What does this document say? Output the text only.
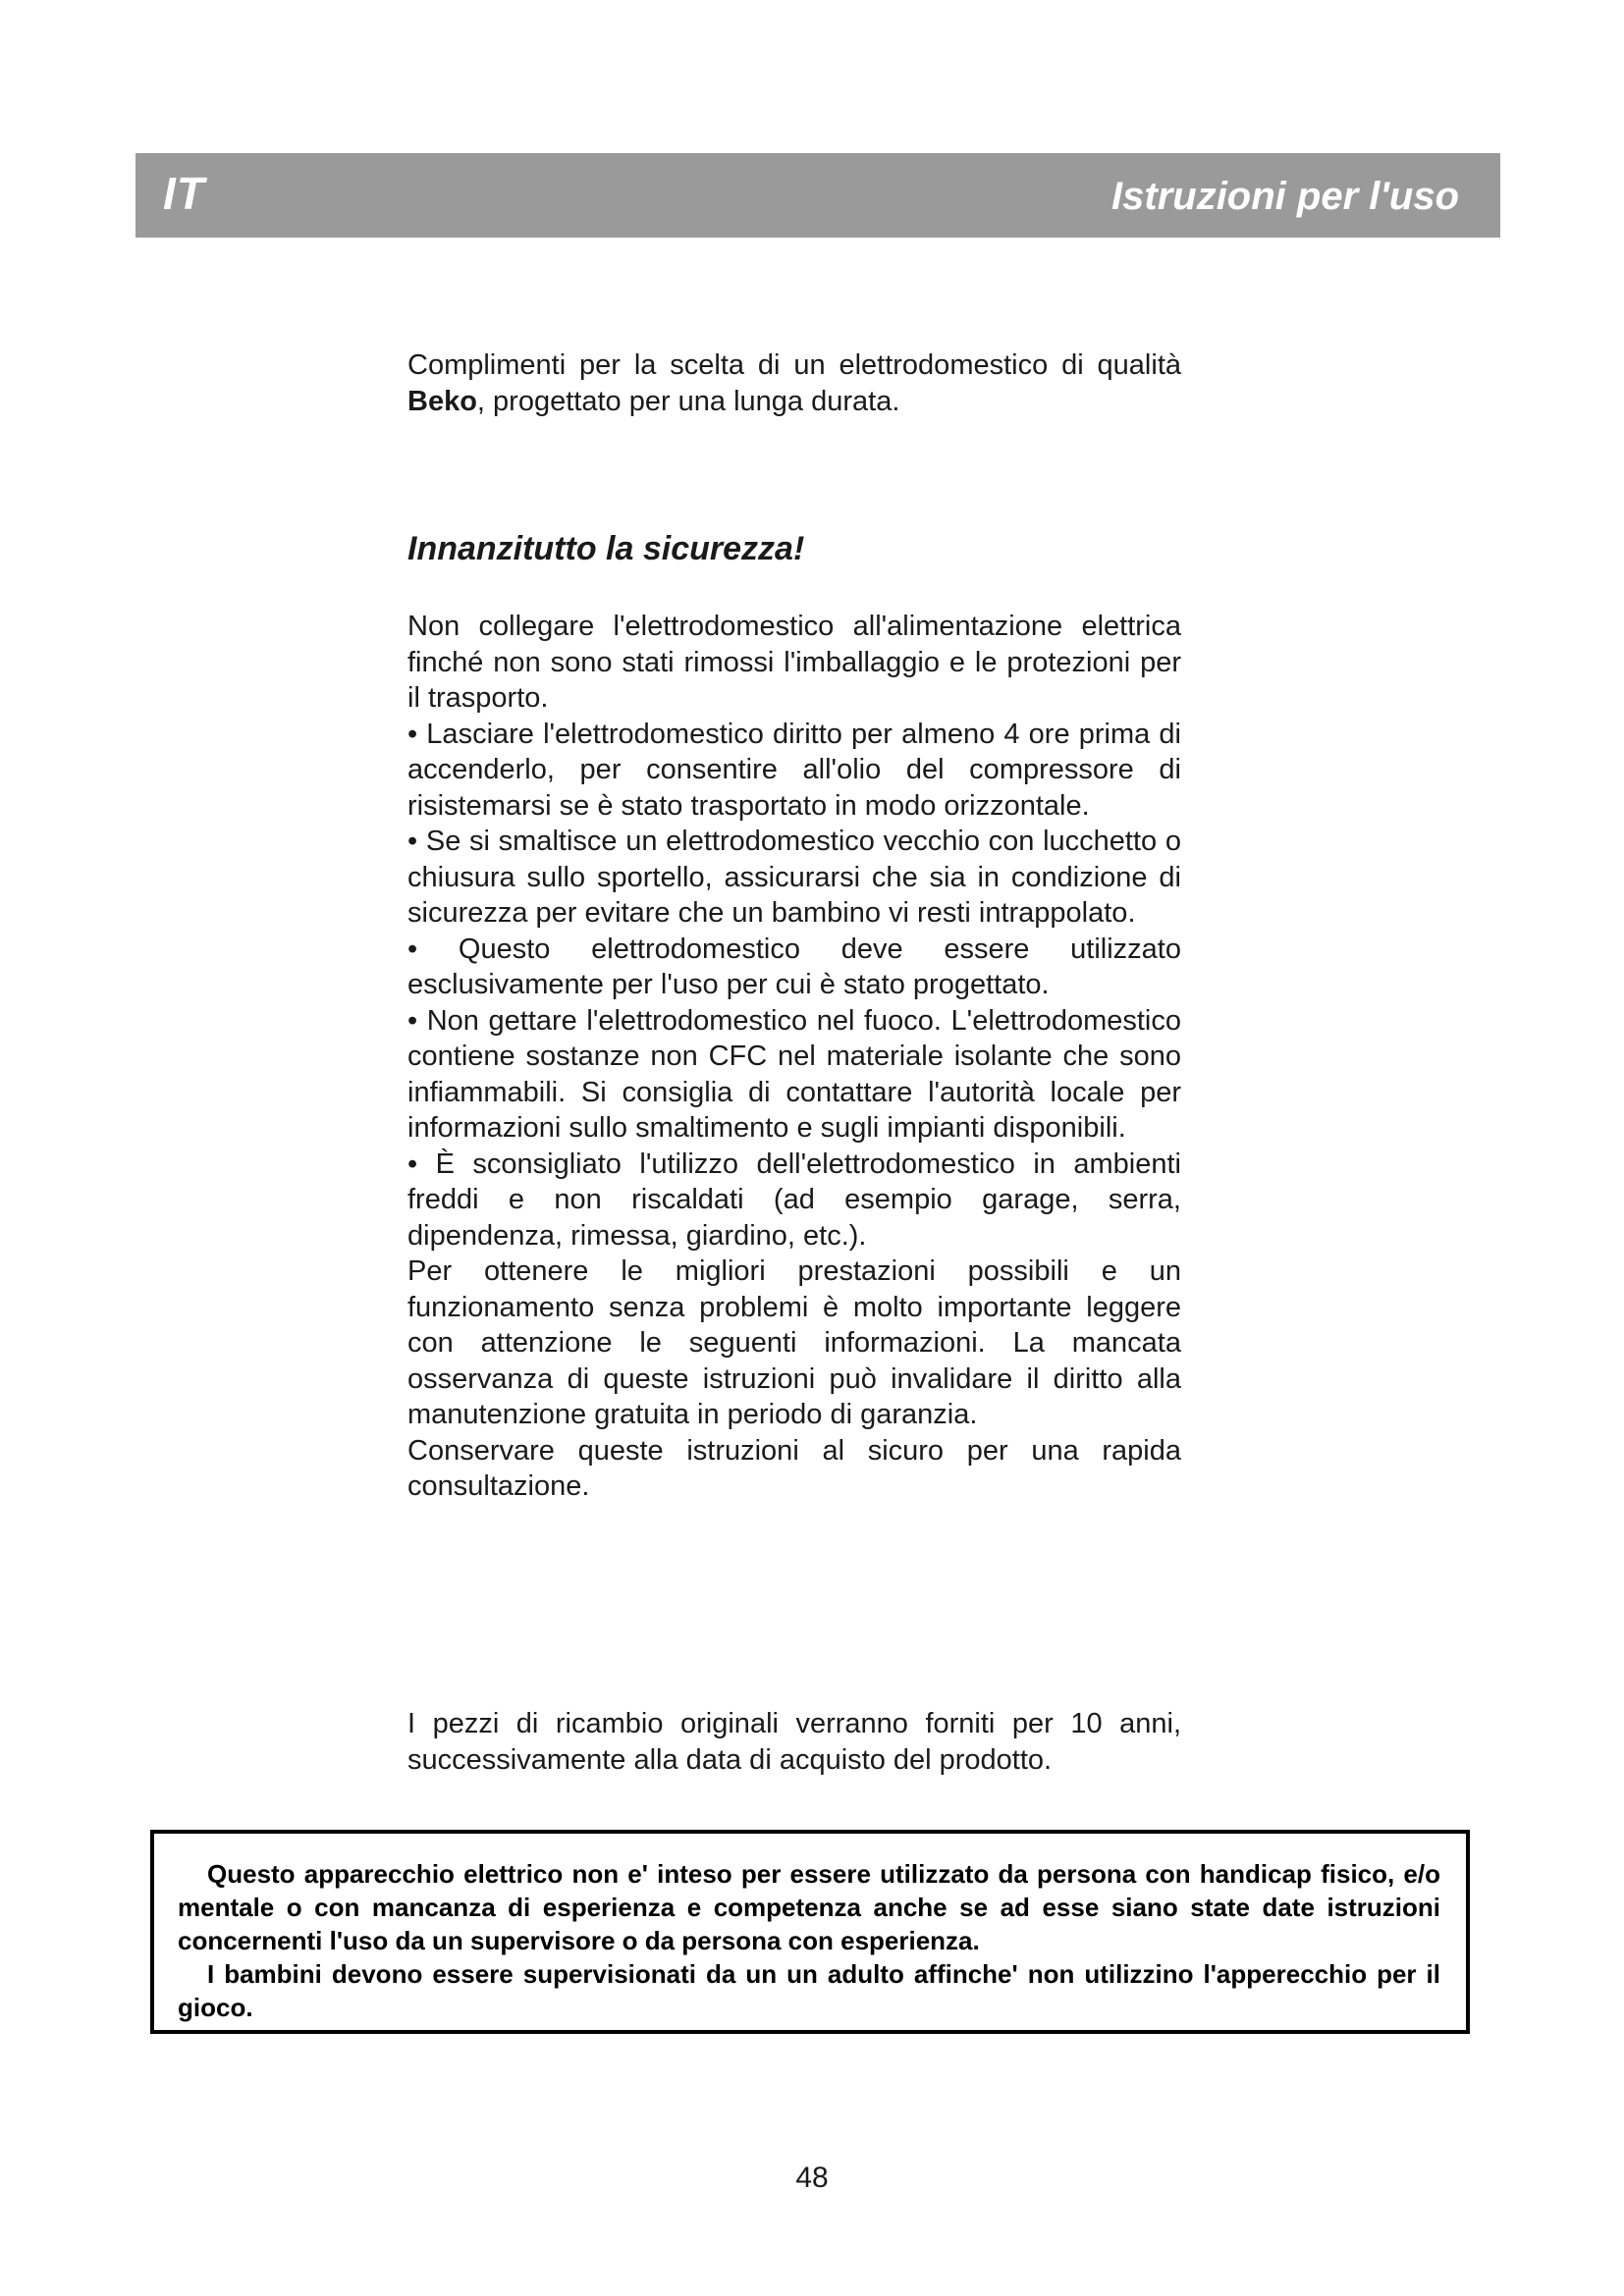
IT	Istruzioni per l'uso
Complimenti per la scelta di un elettrodomestico di qualità Beko, progettato per una lunga durata.
Innanzitutto la sicurezza!

Non collegare l'elettrodomestico all'alimentazione elettrica finché non sono stati rimossi l'imballaggio e le protezioni per il trasporto.

• Lasciare l'elettrodomestico diritto per almeno 4 ore prima di accenderlo, per consentire all'olio del compressore di risistemarsi se è stato trasportato in modo orizzontale.

• Se si smaltisce un elettrodomestico vecchio con lucchetto o chiusura sullo sportello, assicurarsi che sia in condizione di sicurezza per evitare che un bambino vi resti intrappolato.

• Questo elettrodomestico deve essere utilizzato esclusivamente per l'uso per cui è stato progettato.

• Non gettare l'elettrodomestico nel fuoco. L'elettrodomestico contiene sostanze non CFC nel materiale isolante che sono infiammabili. Si consiglia di contattare l'autorità locale per informazioni sullo smaltimento e sugli impianti disponibili.

• È sconsigliato l'utilizzo dell'elettrodomestico in ambienti freddi e non riscaldati (ad esempio garage, serra, dipendenza, rimessa, giardino, etc.).

Per ottenere le migliori prestazioni possibili e un funzionamento senza problemi è molto importante leggere con attenzione le seguenti informazioni. La mancata osservanza di queste istruzioni può invalidare il diritto alla manutenzione gratuita in periodo di garanzia.

Conservare queste istruzioni al sicuro per una rapida consultazione.

I pezzi di ricambio originali verranno forniti per 10 anni, successivamente alla data di acquisto del prodotto.

Questo apparecchio elettrico non e' inteso per essere utilizzato da persona con handicap fisico, e/o mentale o con mancanza di esperienza e competenza anche se ad esse siano state date istruzioni concernenti l'uso da un supervisore o da persona con esperienza.

I bambini devono essere supervisionati da un un adulto affinche' non utilizzino l'apperecchio per il gioco.

48
